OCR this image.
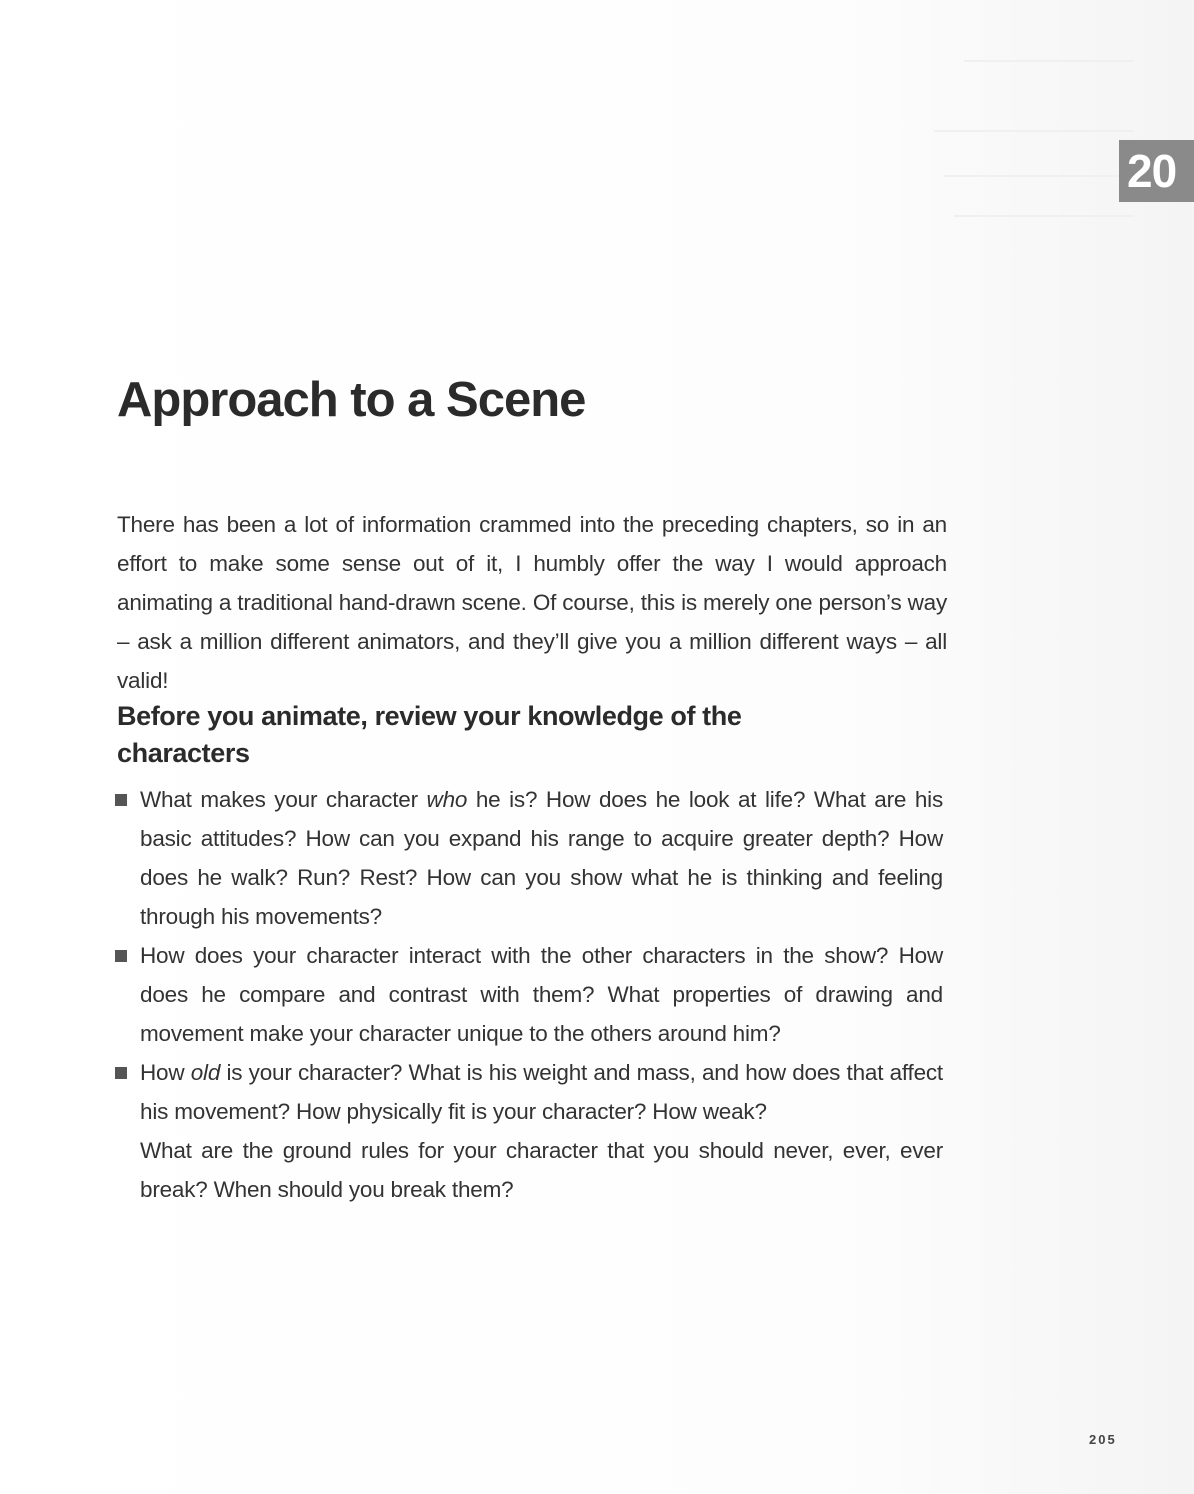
20
Approach to a Scene

There has been a lot of information crammed into the preceding chapters, so in an effort to make some sense out of it, I humbly offer the way I would approach animating a traditional hand-drawn scene. Of course, this is merely one person’s way – ask a million different animators, and they’ll give you a million different ways – all valid!

Before you animate, review your knowledge of the characters
What makes your character who he is? How does he look at life? What are his basic attitudes? How can you expand his range to acquire greater depth? How does he walk? Run? Rest? How can you show what he is thinking and feeling through his movements?
How does your character interact with the other characters in the show? How does he compare and contrast with them? What properties of drawing and movement make your character unique to the others around him?
How old is your character? What is his weight and mass, and how does that affect his movement? How physically fit is your character? How weak?
What are the ground rules for your character that you should never, ever, ever break? When should you break them?
205
